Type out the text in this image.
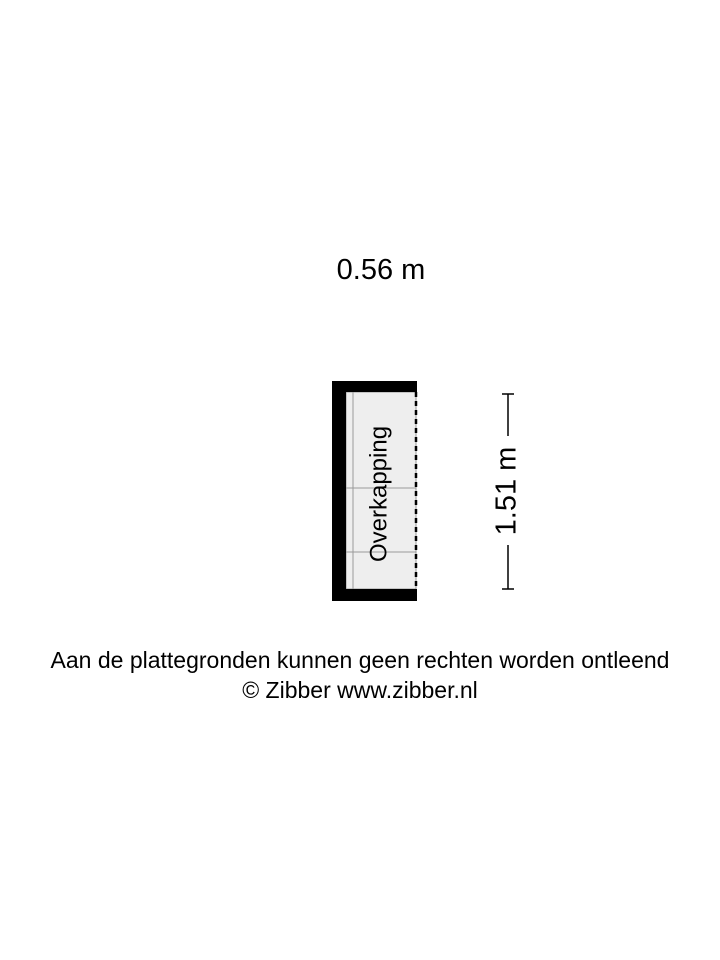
0.56 m
Overkapping	1.51 m
Aan de plattegronden kunnen geen rechten worden ontleend
© Zibber www.zibber.nl
